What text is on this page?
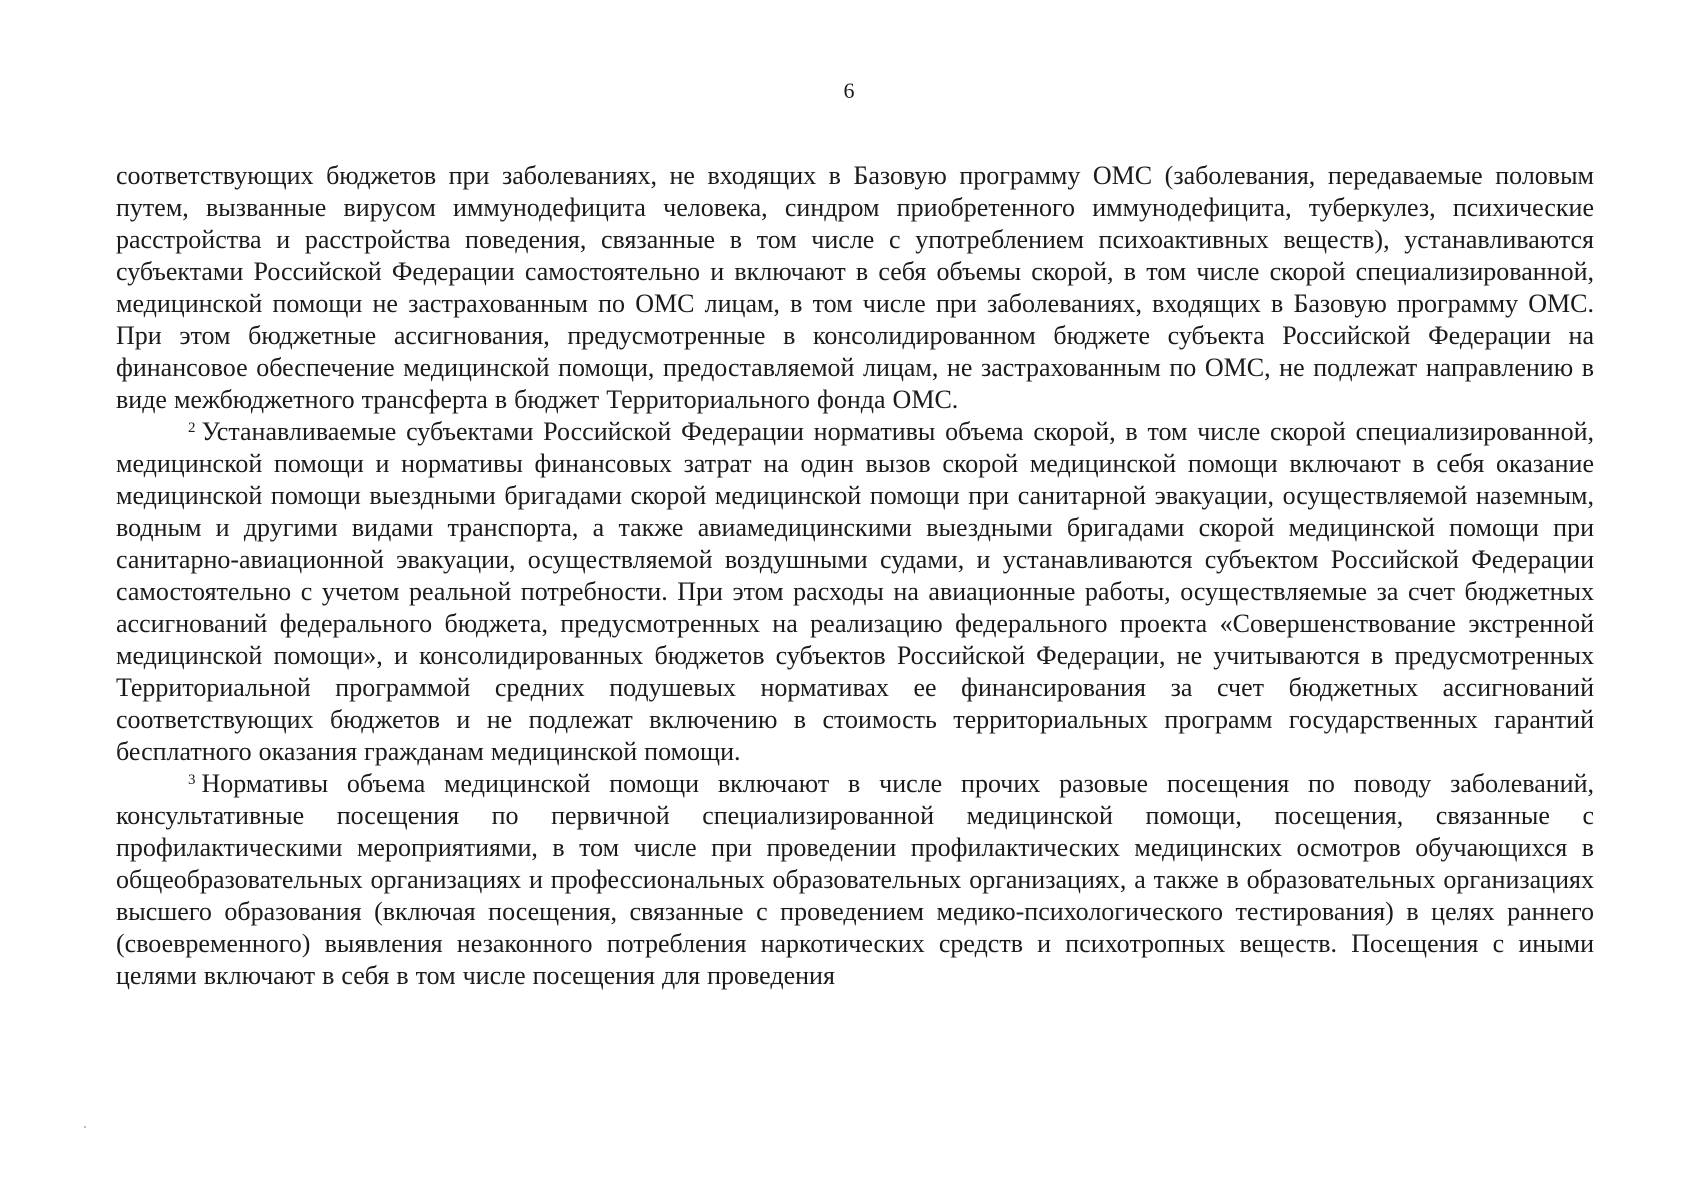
6

соответствующих бюджетов при заболеваниях, не входящих в Базовую программу ОМС (заболевания, передаваемые половым путем, вызванные вирусом иммунодефицита человека, синдром приобретенного иммунодефицита, туберкулез, психические расстройства и расстройства поведения, связанные в том числе с употреблением психоактивных веществ), устанавливаются субъектами Российской Федерации самостоятельно и включают в себя объемы скорой, в том числе скорой специализированной, медицинской помощи не застрахованным по ОМС лицам, в том числе при заболеваниях, входящих в Базовую программу ОМС. При этом бюджетные ассигнования, предусмотренные в консолидированном бюджете субъекта Российской Федерации на финансовое обеспечение медицинской помощи, предоставляемой лицам, не застрахованным по ОМС, не подлежат направлению в виде межбюджетного трансферта в бюджет Территориального фонда ОМС.

$^2$ Устанавливаемые субъектами Российской Федерации нормативы объема скорой, в том числе скорой специализированной, медицинской помощи и нормативы финансовых затрат на один вызов скорой медицинской помощи включают в себя оказание медицинской помощи выездными бригадами скорой медицинской помощи при санитарной эвакуации, осуществляемой наземным, водным и другими видами транспорта, а также авиамедицинскими выездными бригадами скорой медицинской помощи при санитарно-авиационной эвакуации, осуществляемой воздушными судами, и устанавливаются субъектом Российской Федерации самостоятельно с учетом реальной потребности. При этом расходы на авиационные работы, осуществляемые за счет бюджетных ассигнований федерального бюджета, предусмотренных на реализацию федерального проекта «Совершенствование экстренной медицинской помощи», и консолидированных бюджетов субъектов Российской Федерации, не учитываются в предусмотренных Территориальной программой средних подушевых нормативах ее финансирования за счет бюджетных ассигнований соответствующих бюджетов и не подлежат включению в стоимость территориальных программ государственных гарантий бесплатного оказания гражданам медицинской помощи.

$^3$ Нормативы объема медицинской помощи включают в числе прочих разовые посещения по поводу заболеваний, консультативные посещения по первичной специализированной медицинской помощи, посещения, связанные с профилактическими мероприятиями, в том числе при проведении профилактических медицинских осмотров обучающихся в общеобразовательных организациях и профессиональных образовательных организациях, а также в образовательных организациях высшего образования (включая посещения, связанные с проведением медико-психологического тестирования) в целях раннего (своевременного) выявления незаконного потребления наркотических средств и психотропных веществ. Посещения с иными целями включают в себя в том числе посещения для проведения
